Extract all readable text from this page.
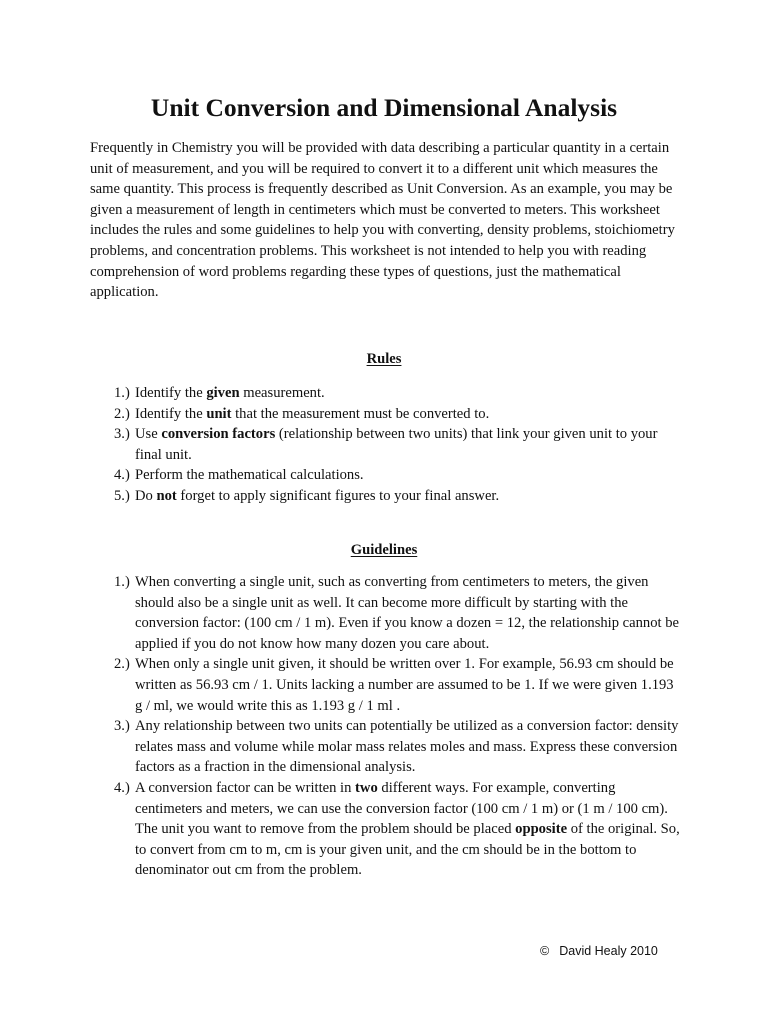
Unit Conversion and Dimensional Analysis

Frequently in Chemistry you will be provided with data describing a particular quantity in a certain unit of measurement, and you will be required to convert it to a different unit which measures the same quantity. This process is frequently described as Unit Conversion. As an example, you may be given a measurement of length in centimeters which must be converted to meters. This worksheet includes the rules and some guidelines to help you with converting, density problems, stoichiometry problems, and concentration problems. This worksheet is not intended to help you with reading comprehension of word problems regarding these types of questions, just the mathematical application.

Rules
1.) Identify the given measurement.
2.) Identify the unit that the measurement must be converted to.
3.) Use conversion factors (relationship between two units) that link your given unit to your final unit.
4.) Perform the mathematical calculations.
5.) Do not forget to apply significant figures to your final answer.
Guidelines
1.) When converting a single unit, such as converting from centimeters to meters, the given should also be a single unit as well. It can become more difficult by starting with the conversion factor: (100 cm / 1 m). Even if you know a dozen = 12, the relationship cannot be applied if you do not know how many dozen you care about.
2.) When only a single unit given, it should be written over 1. For example, 56.93 cm should be written as 56.93 cm / 1. Units lacking a number are assumed to be 1. If we were given 1.193 g / ml, we would write this as 1.193 g / 1 ml .
3.) Any relationship between two units can potentially be utilized as a conversion factor: density relates mass and volume while molar mass relates moles and mass. Express these conversion factors as a fraction in the dimensional analysis.
4.) A conversion factor can be written in two different ways. For example, converting centimeters and meters, we can use the conversion factor (100 cm / 1 m) or (1 m / 100 cm). The unit you want to remove from the problem should be placed opposite of the original. So, to convert from cm to m, cm is your given unit, and the cm should be in the bottom to denominator out cm from the problem.
© David Healy 2010
